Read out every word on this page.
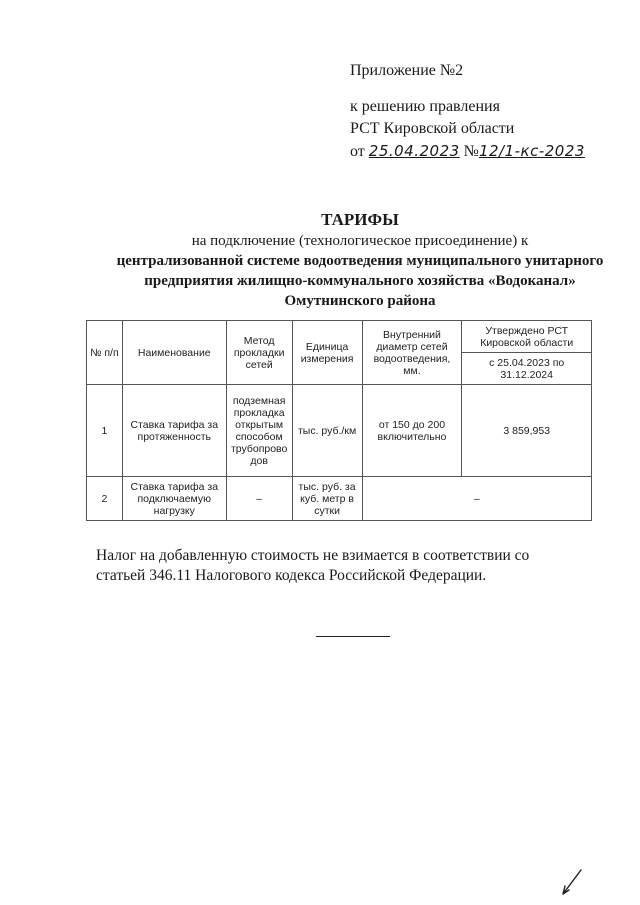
Приложение №2
к решению правления
РСТ Кировской области
от 25.04.2023 №12/1-кс-2023
ТАРИФЫ
на подключение (технологическое присоединение) к
централизованной системе водоотведения муниципального унитарного
предприятия жилищно-коммунального хозяйства «Водоканал»
Омутнинского района
№ п/п	Наименование	Метод прокладки сетей	Единица измерения	Внутренний диаметр сетей водоотведения, мм.	Утверждено РСТ Кировской области
					с 25.04.2023 по 31.12.2024
1	Ставка тарифа за протяженность	подземная прокладка открытым способом трубопрово дов	тыс. руб./км	от 150 до 200 включительно	3 859,953
2	Ставка тарифа за подключаемую нагрузку	–	тыс. руб. за куб. метр в сутки	–	
Налог на добавленную стоимость не взимается в соответствии со статьей 346.11 Налогового кодекса Российской Федерации.
